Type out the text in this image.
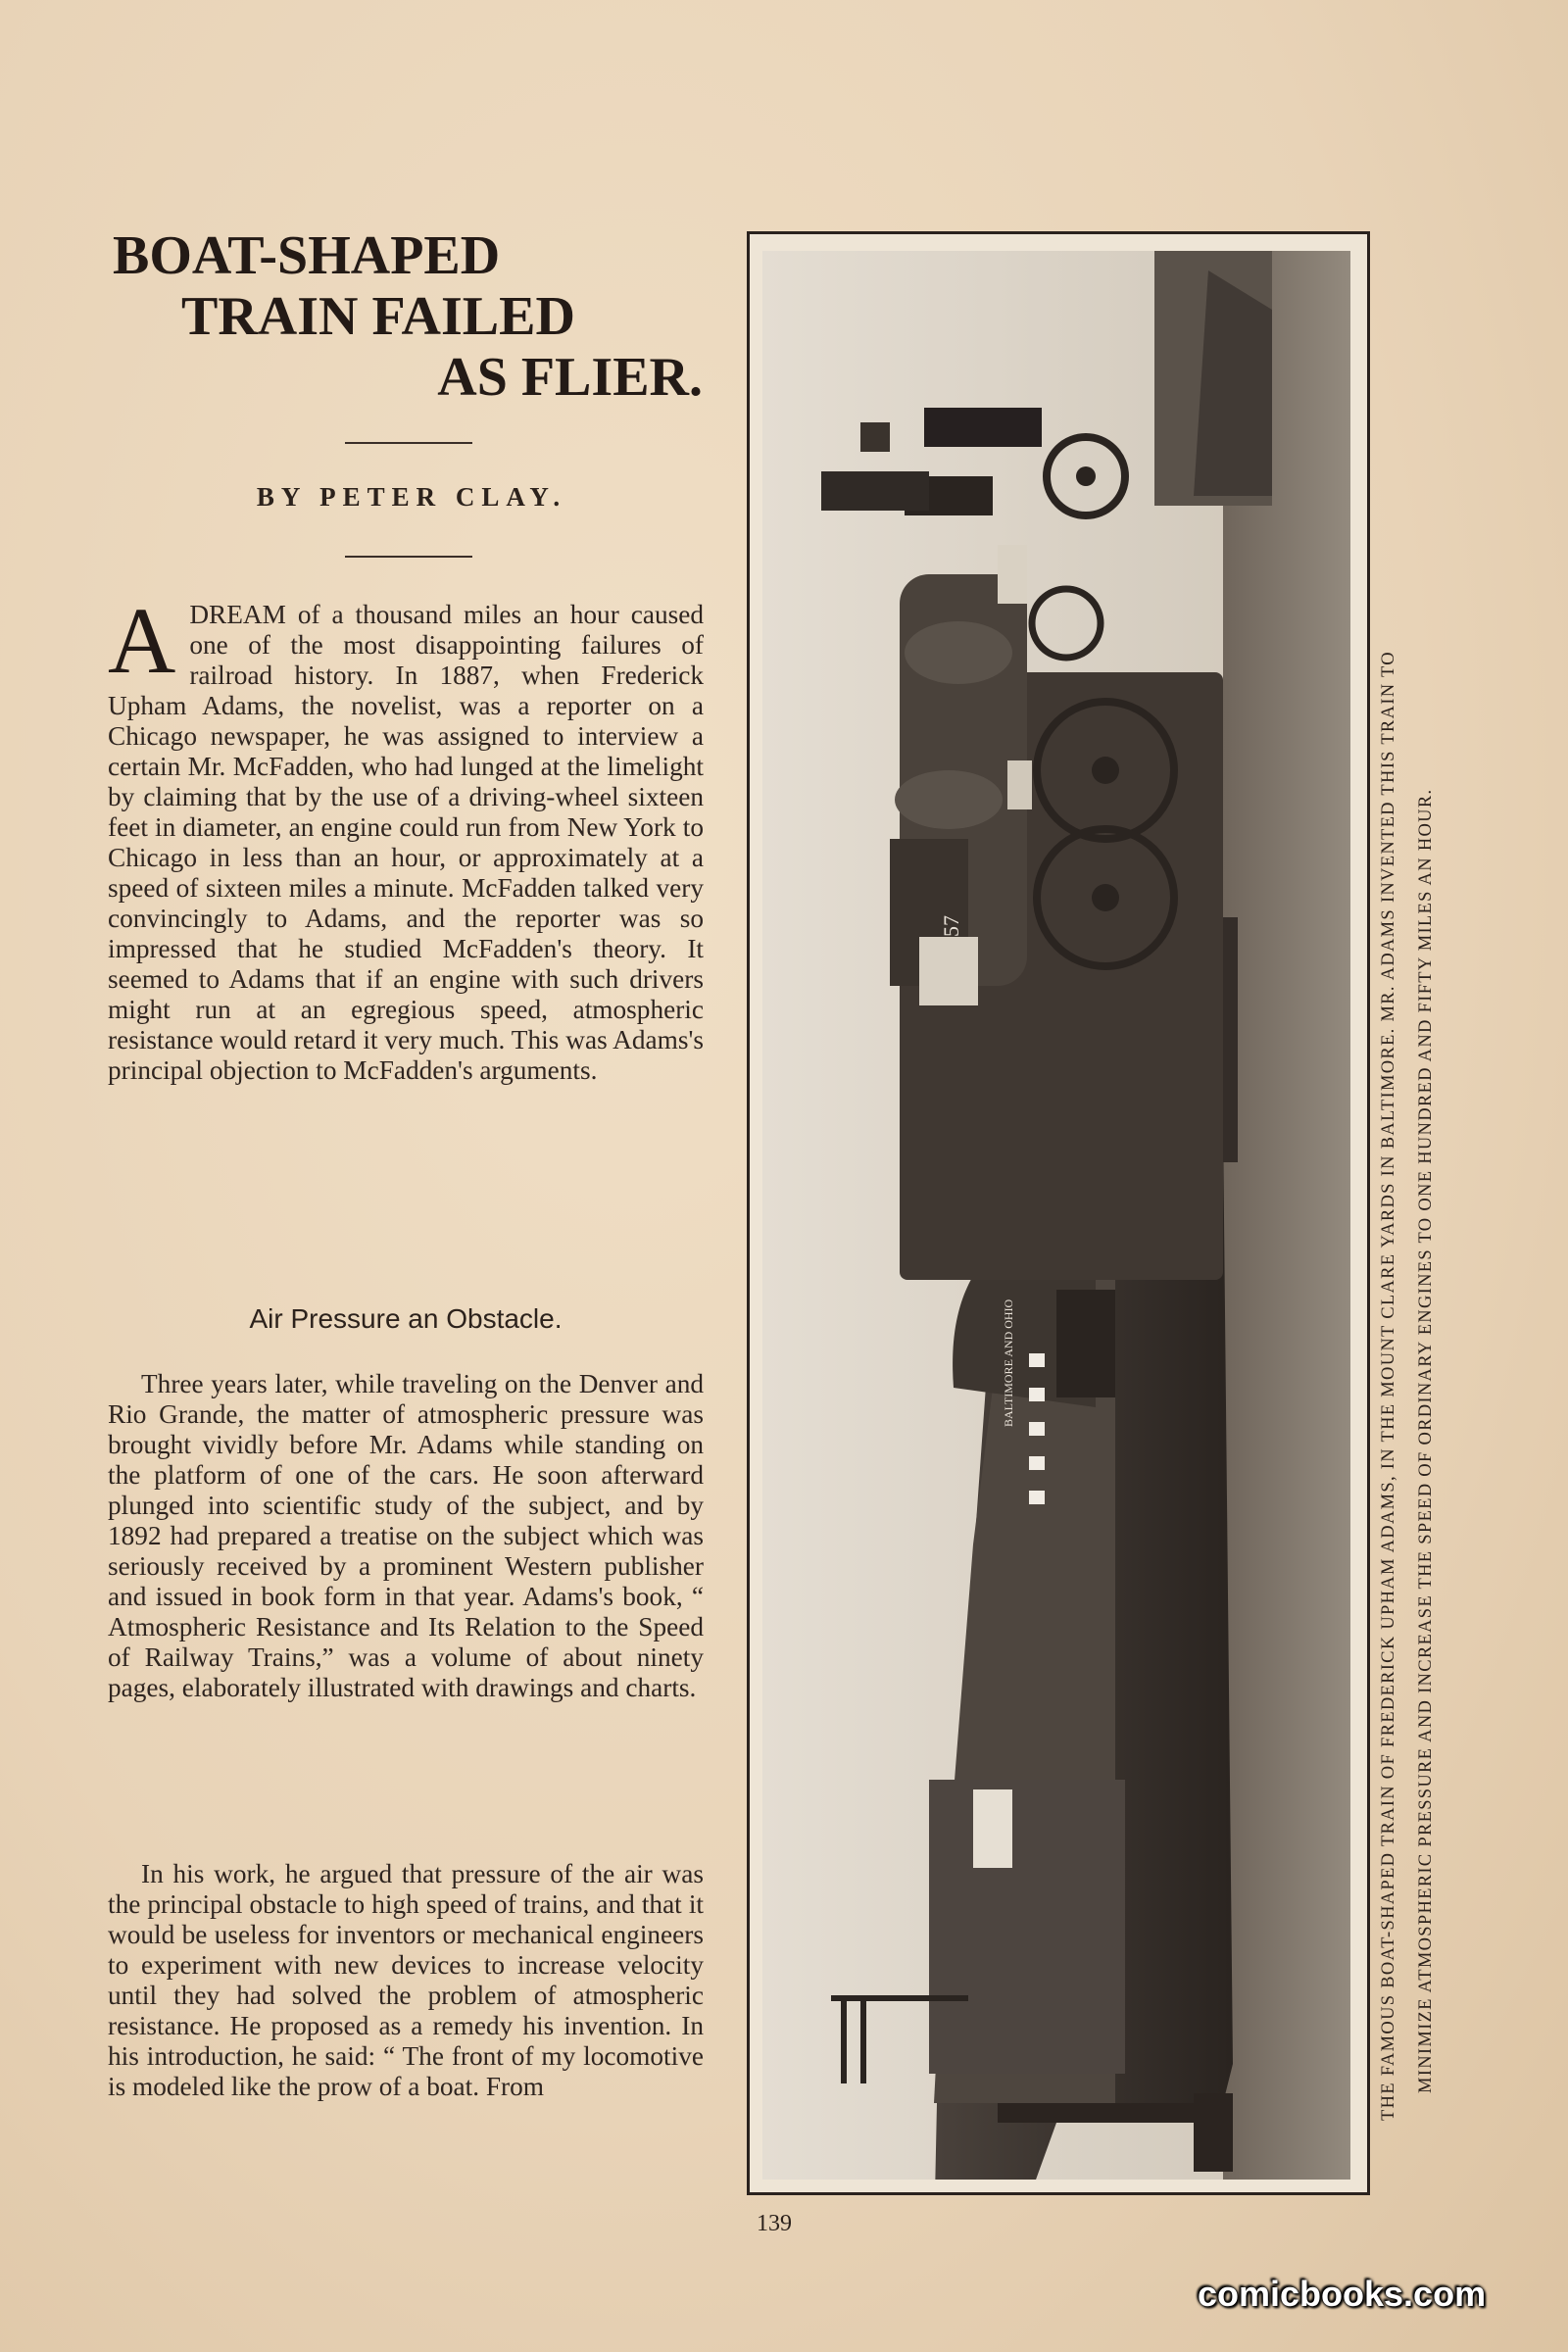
BOAT-SHAPED
TRAIN FAILED
AS FLIER.
BY PETER CLAY.
A DREAM of a thousand miles an hour caused one of the most disappointing failures of railroad history. In 1887, when Frederick Upham Adams, the novelist, was a reporter on a Chicago newspaper, he was assigned to interview a certain Mr. McFadden, who had lunged at the limelight by claiming that by the use of a driving-wheel sixteen feet in diameter, an engine could run from New York to Chicago in less than an hour, or approximately at a speed of sixteen miles a minute. McFadden talked very convincingly to Adams, and the reporter was so impressed that he studied McFadden's theory. It seemed to Adams that if an engine with such drivers might run at an egregious speed, atmospheric resistance would retard it very much. This was Adams's principal objection to McFadden's arguments.

Air Pressure an Obstacle.

Three years later, while traveling on the Denver and Rio Grande, the matter of atmospheric pressure was brought vividly before Mr. Adams while standing on the platform of one of the cars. He soon afterward plunged into scientific study of the subject, and by 1892 had prepared a treatise on the subject which was seriously received by a prominent Western publisher and issued in book form in that year. Adams's book, “ Atmospheric Resistance and Its Relation to the Speed of Railway Trains,” was a volume of about ninety pages, elaborately illustrated with drawings and charts.

In his work, he argued that pressure of the air was the principal obstacle to high speed of trains, and that it would be useless for inventors or mechanical engineers to experiment with new devices to increase velocity until they had solved the problem of atmospheric resistance. He proposed as a remedy his invention. In his introduction, he said: “ The front of my locomotive is modeled like the prow of a boat. From

BALTIMORE AND OHIO
57	THE FAMOUS BOAT-SHAPED TRAIN OF FREDERICK UPHAM ADAMS, IN THE MOUNT CLARE YARDS IN BALTIMORE. MR. ADAMS INVENTED THIS TRAIN TO MINIMIZE ATMOSPHERIC PRESSURE AND INCREASE THE SPEED OF ORDINARY ENGINES TO ONE HUNDRED AND FIFTY MILES AN HOUR.
139
comicbooks.com
